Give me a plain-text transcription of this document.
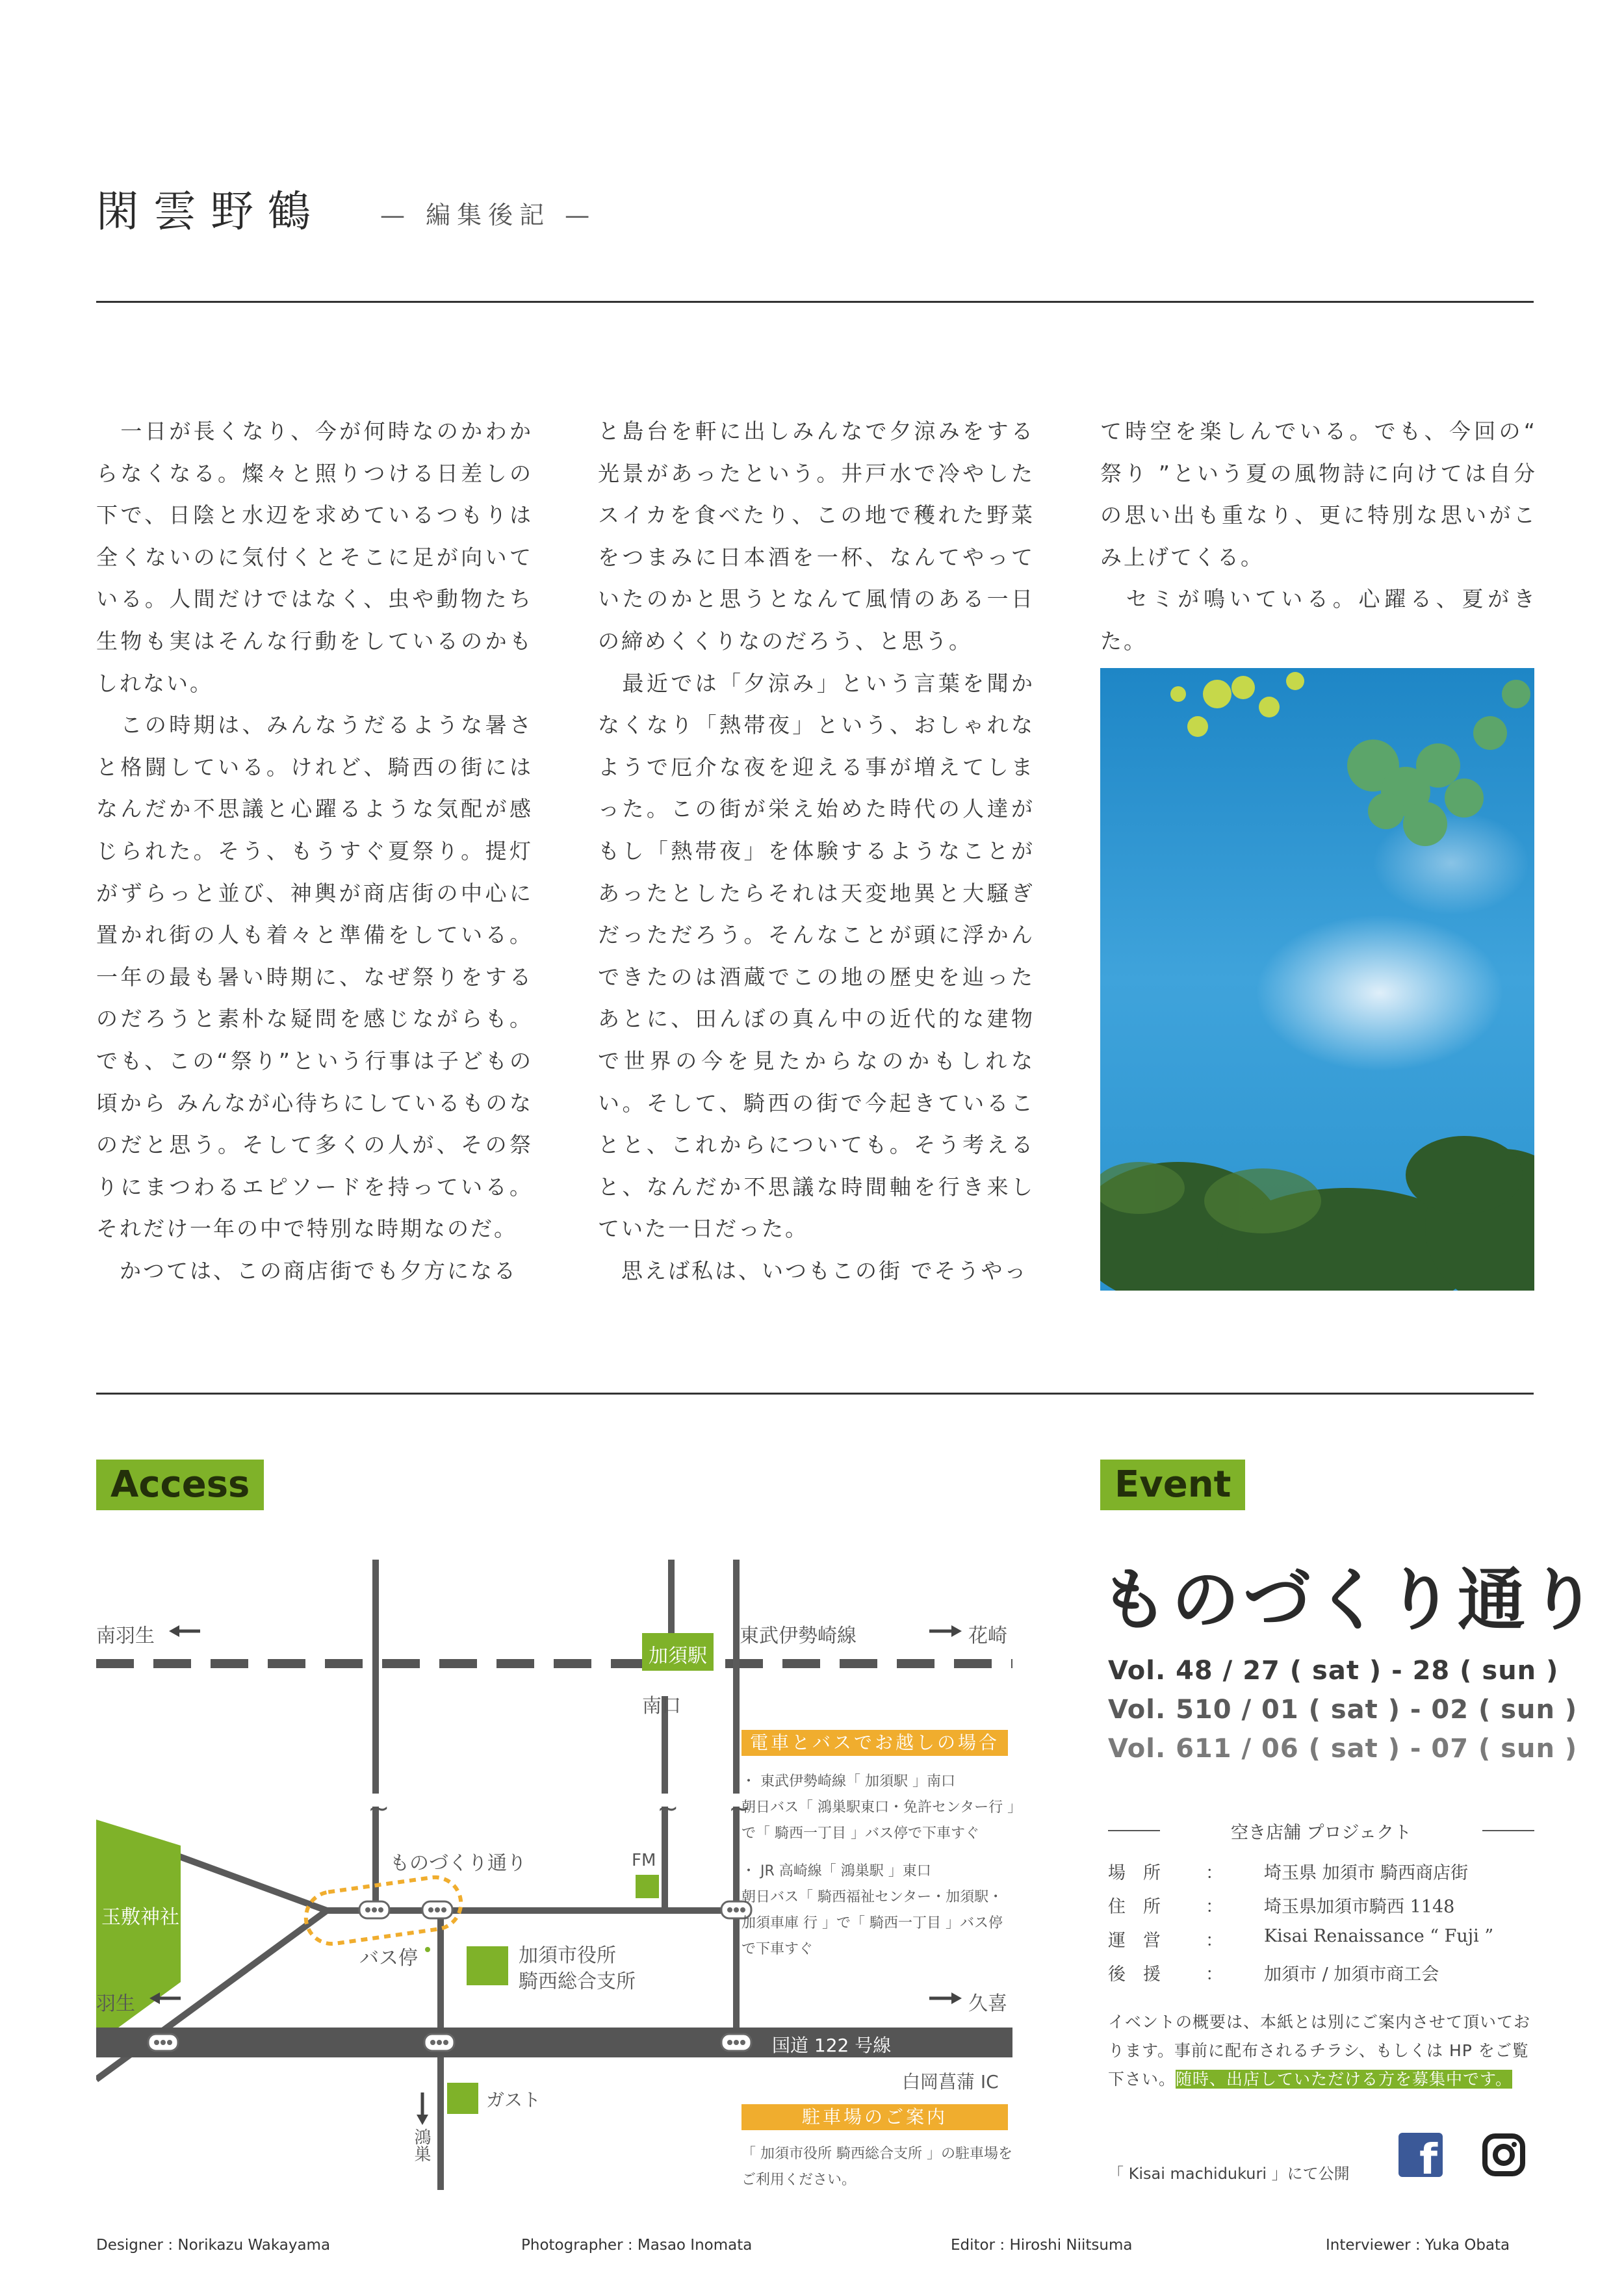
閑雲野鶴 — 編集後記 —

　一日が長くなり、今が何時なのかわからなくなる。燦々と照りつける日差しの下で、日陰と水辺を求めているつもりは全くないのに気付くとそこに足が向いている。人間だけではなく、虫や動物たち生物も実はそんな行動をしているのかもしれない。

　この時期は、みんなうだるような暑さと格闘している。けれど、騎西の街にはなんだか不思議と心躍るような気配が感じられた。そう、もうすぐ夏祭り。提灯がずらっと並び、神輿が商店街の中心に置かれ街の人も着々と準備をしている。一年の最も暑い時期に、なぜ祭りをするのだろうと素朴な疑問を感じながらも。でも、この“祭り”という行事は子どもの頃から みんなが心待ちにしているものなのだと思う。そして多くの人が、その祭りにまつわるエピソードを持っている。それだけ一年の中で特別な時期なのだ。

　かつては、この商店街でも夕方になる

と島台を軒に出しみんなで夕涼みをする光景があったという。井戸水で冷やしたスイカを食べたり、この地で穫れた野菜をつまみに日本酒を一杯、なんてやっていたのかと思うとなんて風情のある一日の締めくくりなのだろう、と思う。

　最近では「夕涼み」という言葉を聞かなくなり「熱帯夜」という、おしゃれなようで厄介な夜を迎える事が増えてしまった。この街が栄え始めた時代の人達がもし「熱帯夜」を体験するようなことがあったとしたらそれは天変地異と大騒ぎだっただろう。そんなことが頭に浮かんできたのは酒蔵でこの地の歴史を辿ったあとに、田んぼの真ん中の近代的な建物で世界の今を見たからなのかもしれない。そして、騎西の街で今起きていることと、これからについても。そう考えると、なんだか不思議な時間軸を行き来していた一日だった。

　思えば私は、いつもこの街 でそうやっ

て時空を楽しんでいる。でも、今回の“ 祭り ”という夏の風物詩に向けては自分の思い出も重なり、更に特別な思いがこみ上げてくる。

　セミが鳴いている。心躍る、夏がきた。

Access
南羽生	東武伊勢崎線	花崎
加須駅
南口
~	~ ~
ものづくり通り	FM
玉敷神社
バス停	加須市役所
騎西総合支所
羽生	久喜
国道 122 号線
白岡菖蒲 IC
ガスト
鴻巣
電車とバスでお越しの場合
・ 東武伊勢崎線「 加須駅 」南口
朝日バス「 鴻巣駅東口・免許センター行 」
で「 騎西一丁目 」バス停で下車すぐ
・ JR 高崎線「 鴻巣駅 」東口
朝日バス「 騎西福祉センター・加須駅・
加須車庫 行 」で「 騎西一丁目 」バス停
で下車すぐ
駐車場のご案内
「 加須市役所 騎西総合支所 」の駐車場を
ご利用ください。
Event
ものづくり通り
Vol. 4 8 / 27 ( sat ) - 28 ( sun )
Vol. 5 10 / 01 ( sat ) - 02 ( sun )
Vol. 6 11 / 06 ( sat ) - 07 ( sun )
空き店舗 プロジェクト
場　所	：	埼玉県 加須市 騎西商店街
住　所	：	埼玉県加須市騎西 1148
運　営	：	Kisai Renaissance “ Fuji ”
後　援	：	加須市 / 加須市商工会
イベントの概要は、本紙とは別にご案内させて頂いております。事前に配布されるチラシ、もしくは HP をご覧下さい。随時、出店していただける方を募集中です。
「 Kisai machidukuri 」にて公開 f
Designer : Norikazu Wakayama	Photographer : Masao Inomata	Editor : Hiroshi Niitsuma	Interviewer : Yuka Obata
